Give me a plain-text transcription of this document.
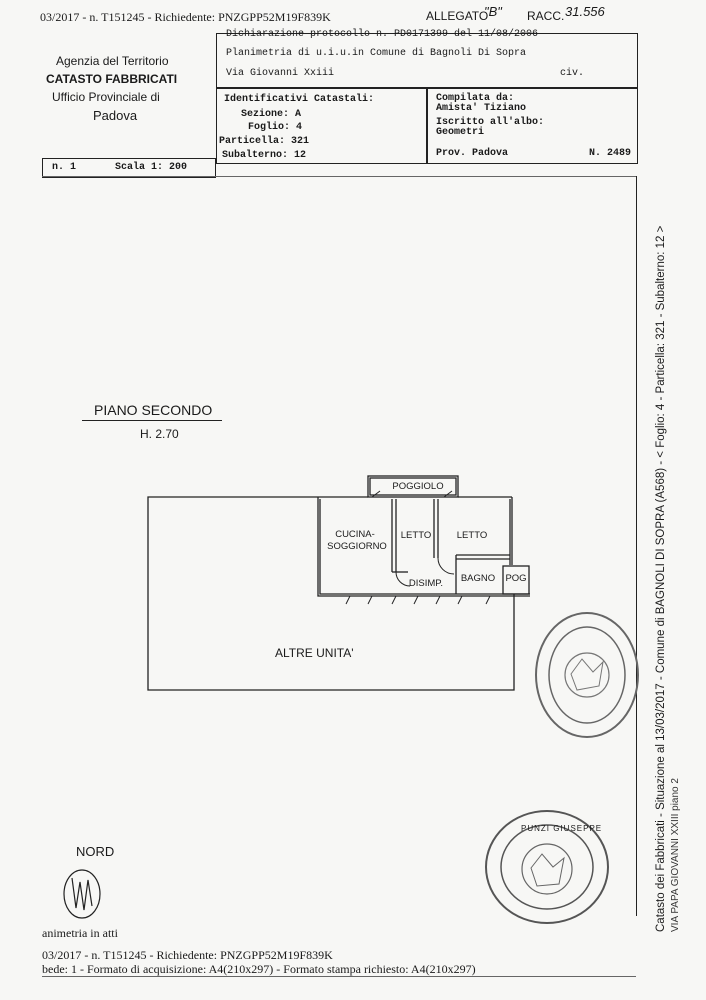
03/2017 - n. T151245 - Richiedente: PNZGPP52M19F839K	ALLEGATO
"B" RACC. 31.556
Agenzia del Territorio
CATASTO FABBRICATI
Ufficio Provinciale di
Padova
Dichiarazione protocollo n. PD0171399 del 11/08/2006
Planimetria di u.i.u.in Comune di Bagnoli Di Sopra
Via Giovanni Xxiii	civ.
Identificativi Catastali:
Sezione: A
Foglio: 4
Particella: 321
Subalterno: 12
Compilata da:
Amista' Tiziano
Iscritto all'albo:
Geometri
Prov. Padova	N. 2489
n. 1	Scala 1: 200
PIANO SECONDO
H. 2.70
POGGIOLO
CUCINA-
SOGGIORNO
LETTO	LETTO
BAGNO POG
DISIMP.
ALTRE UNITA'
PUNZI GIUSEPPE
NORD
animetria in atti
03/2017 - n. T151245 - Richiedente: PNZGPP52M19F839K
bede: 1 - Formato di acquisizione: A4(210x297) - Formato stampa richiesto: A4(210x297)
Catasto dei Fabbricati - Situazione al 13/03/2017 - Comune di BAGNOLI DI SOPRA (A568) - < Foglio: 4 - Particella: 321 - Subalterno: 12 > VIA PAPA GIOVANNI XXIII piano 2
